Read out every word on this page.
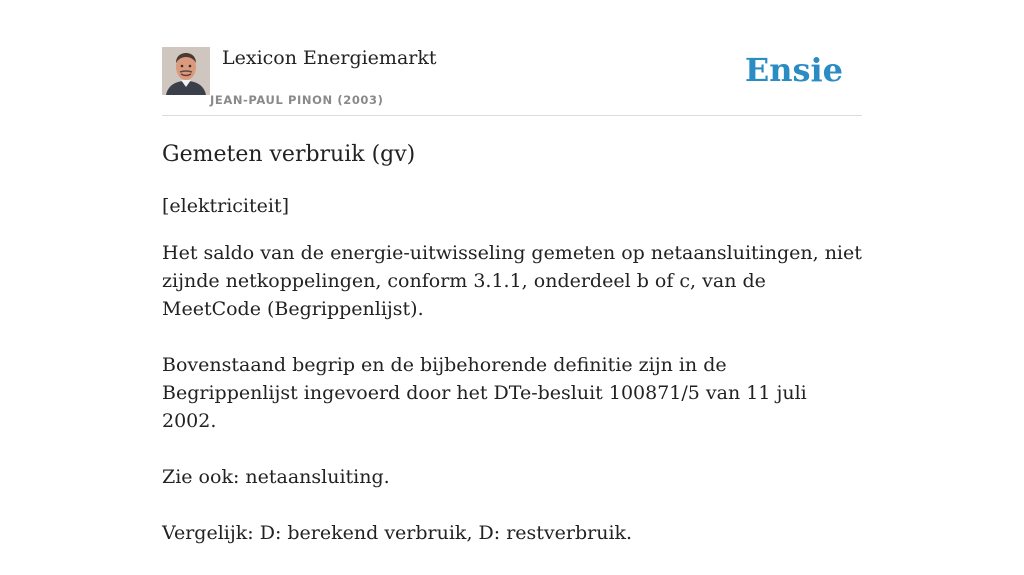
Lexicon Energiemarkt
JEAN-PAUL PINON (2003)
Ensie
Gemeten verbruik (gv)
[elektriciteit]

Het saldo van de energie-uitwisseling gemeten op netaansluitingen, niet zijnde netkoppelingen, conform 3.1.1, onderdeel b of c, van de MeetCode (Begrippenlijst).

Bovenstaand begrip en de bijbehorende definitie zijn in de Begrippenlijst ingevoerd door het DTe-besluit 100871/5 van 11 juli 2002.

Zie ook: netaansluiting.

Vergelijk: D: berekend verbruik, D: restverbruik.
